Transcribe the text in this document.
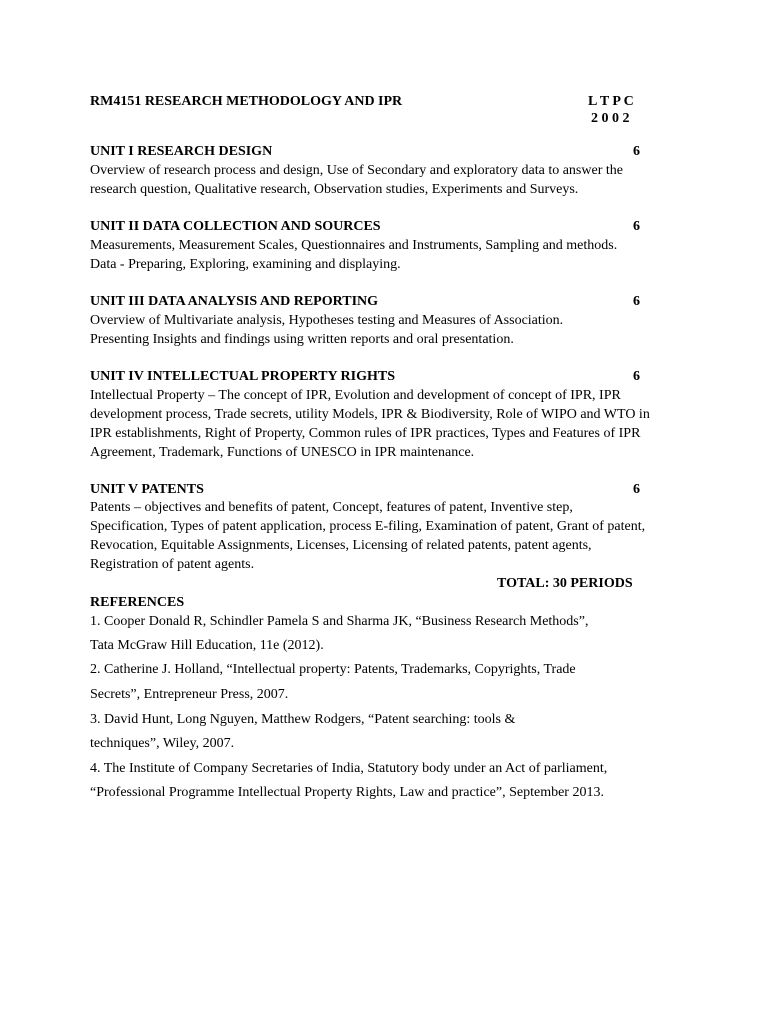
RM4151 RESEARCH METHODOLOGY AND IPR	L T P C
2 0 0 2
UNIT I RESEARCH DESIGN	6
Overview of research process and design, Use of Secondary and exploratory data to answer the
research question, Qualitative research, Observation studies, Experiments and Surveys.
UNIT II DATA COLLECTION AND SOURCES	6
Measurements, Measurement Scales, Questionnaires and Instruments, Sampling and methods.
Data - Preparing, Exploring, examining and displaying.
UNIT III DATA ANALYSIS AND REPORTING	6
Overview of Multivariate analysis, Hypotheses testing and Measures of Association.
Presenting Insights and findings using written reports and oral presentation.
UNIT IV INTELLECTUAL PROPERTY RIGHTS	6
Intellectual Property – The concept of IPR, Evolution and development of concept of IPR, IPR
development process, Trade secrets, utility Models, IPR & Biodiversity, Role of WIPO and WTO in
IPR establishments, Right of Property, Common rules of IPR practices, Types and Features of IPR
Agreement, Trademark, Functions of UNESCO in IPR maintenance.
UNIT V PATENTS	6
Patents – objectives and benefits of patent, Concept, features of patent, Inventive step,
Specification, Types of patent application, process E-filing, Examination of patent, Grant of patent,
Revocation, Equitable Assignments, Licenses, Licensing of related patents, patent agents,
Registration of patent agents.
TOTAL: 30 PERIODS
REFERENCES
1. Cooper Donald R, Schindler Pamela S and Sharma JK, “Business Research Methods”,
Tata McGraw Hill Education, 11e (2012).
2. Catherine J. Holland, “Intellectual property: Patents, Trademarks, Copyrights, Trade
Secrets”, Entrepreneur Press, 2007.
3. David Hunt, Long Nguyen, Matthew Rodgers, “Patent searching: tools &
techniques”, Wiley, 2007.
4. The Institute of Company Secretaries of India, Statutory body under an Act of parliament,
“Professional Programme Intellectual Property Rights, Law and practice”, September 2013.
